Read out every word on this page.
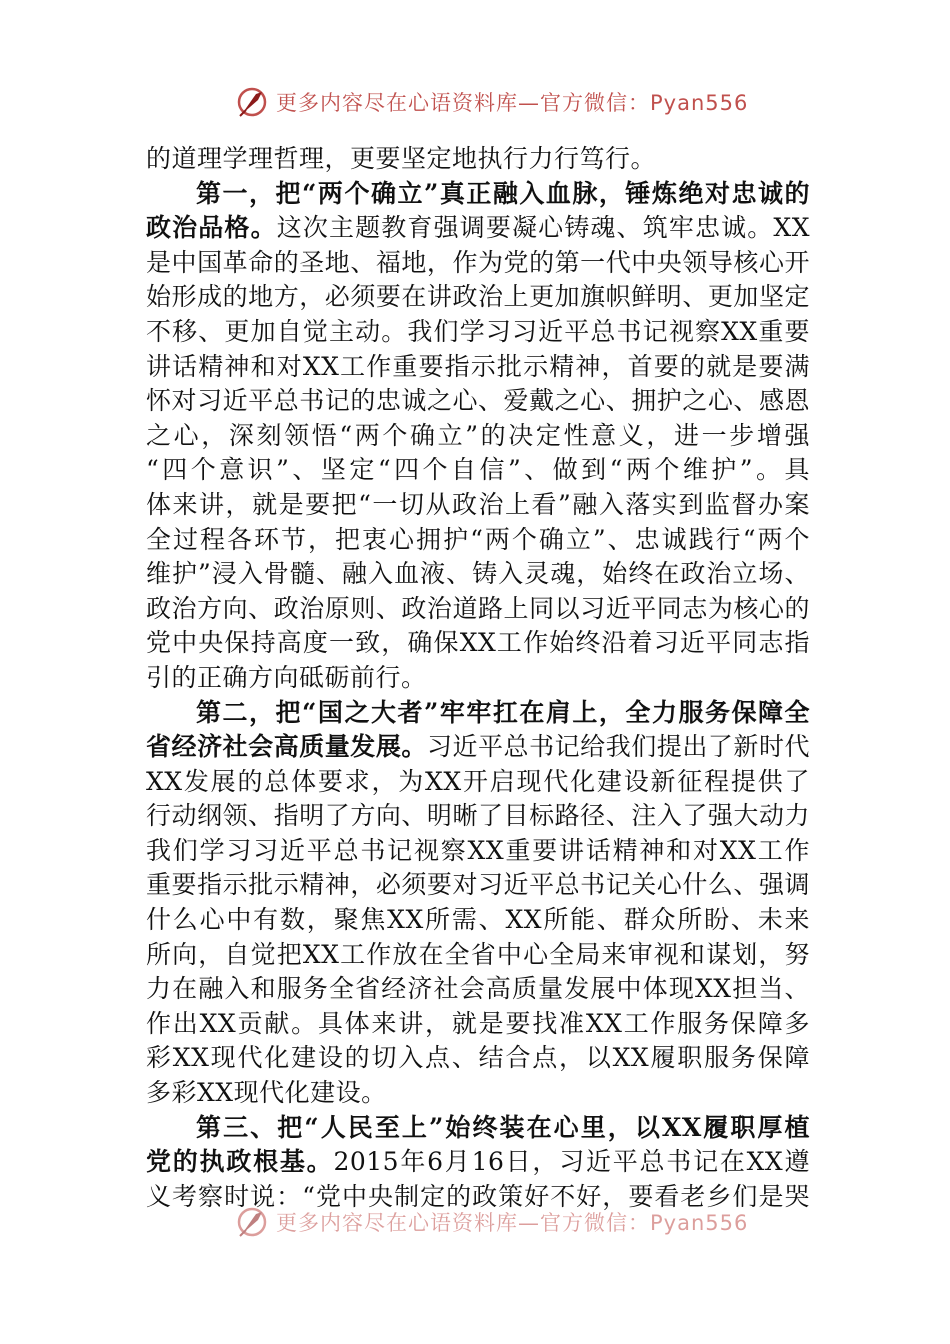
更多内容尽在心语资料库—官方微信：Pyan556
的道理学理哲理，更要坚定地执行力行笃行。
第一，把“两个确立”真正融入血脉，锤炼绝对忠诚的
政治品格。这次主题教育强调要凝心铸魂、筑牢忠诚。XX
是中国革命的圣地、福地，作为党的第一代中央领导核心开
始形成的地方，必须要在讲政治上更加旗帜鲜明、更加坚定
不移、更加自觉主动。我们学习习近平总书记视察XX重要
讲话精神和对XX工作重要指示批示精神，首要的就是要满
怀对习近平总书记的忠诚之心、爱戴之心、拥护之心、感恩
之心，深刻领悟“两个确立”的决定性意义，进一步增强
“四个意识”、坚定“四个自信”、做到“两个维护”。具
体来讲，就是要把“一切从政治上看”融入落实到监督办案
全过程各环节，把衷心拥护“两个确立”、忠诚践行“两个
维护”浸入骨髓、融入血液、铸入灵魂，始终在政治立场、
政治方向、政治原则、政治道路上同以习近平同志为核心的
党中央保持高度一致，确保XX工作始终沿着习近平同志指
引的正确方向砥砺前行。
第二，把“国之大者”牢牢扛在肩上，全力服务保障全
省经济社会高质量发展。习近平总书记给我们提出了新时代
XX发展的总体要求，为XX开启现代化建设新征程提供了
行动纲领、指明了方向、明晰了目标路径、注入了强大动力
我们学习习近平总书记视察XX重要讲话精神和对XX工作
重要指示批示精神，必须要对习近平总书记关心什么、强调
什么心中有数，聚焦XX所需、XX所能、群众所盼、未来
所向，自觉把XX工作放在全省中心全局来审视和谋划，努
力在融入和服务全省经济社会高质量发展中体现XX担当、
作出XX贡献。具体来讲，就是要找准XX工作服务保障多
彩XX现代化建设的切入点、结合点，以XX履职服务保障
多彩XX现代化建设。
第三、把“人民至上”始终装在心里，以XX履职厚植
党的执政根基。2015年6月16日，习近平总书记在XX遵
义考察时说：“党中央制定的政策好不好，要看老乡们是哭
更多内容尽在心语资料库—官方微信：Pyan556
